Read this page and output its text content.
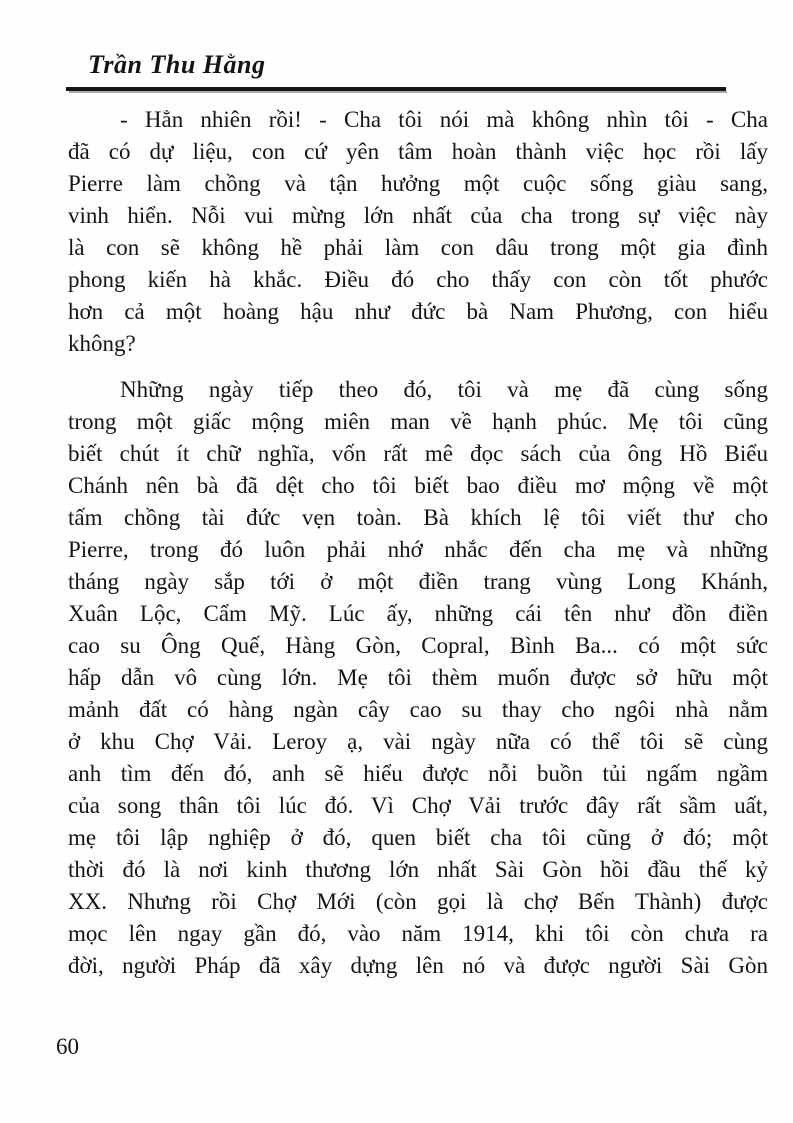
Trần Thu Hằng
- Hẳn nhiên rồi! - Cha tôi nói mà không nhìn tôi - Cha
đã có dự liệu, con cứ yên tâm hoàn thành việc học rồi lấy
Pierre làm chồng và tận hưởng một cuộc sống giàu sang,
vinh hiển. Nỗi vui mừng lớn nhất của cha trong sự việc này
là con sẽ không hề phải làm con dâu trong một gia đình
phong kiến hà khắc. Điều đó cho thấy con còn tốt phước
hơn cả một hoàng hậu như đức bà Nam Phương, con hiểu
không?
Những ngày tiếp theo đó, tôi và mẹ đã cùng sống
trong một giấc mộng miên man về hạnh phúc. Mẹ tôi cũng
biết chút ít chữ nghĩa, vốn rất mê đọc sách của ông Hồ Biểu
Chánh nên bà đã dệt cho tôi biết bao điều mơ mộng về một
tấm chồng tài đức vẹn toàn. Bà khích lệ tôi viết thư cho
Pierre, trong đó luôn phải nhớ nhắc đến cha mẹ và những
tháng ngày sắp tới ở một điền trang vùng Long Khánh,
Xuân Lộc, Cẩm Mỹ. Lúc ấy, những cái tên như đồn điền
cao su Ông Quế, Hàng Gòn, Copral, Bình Ba... có một sức
hấp dẫn vô cùng lớn. Mẹ tôi thèm muốn được sở hữu một
mảnh đất có hàng ngàn cây cao su thay cho ngôi nhà nằm
ở khu Chợ Vải. Leroy ạ, vài ngày nữa có thể tôi sẽ cùng
anh tìm đến đó, anh sẽ hiểu được nỗi buồn tủi ngấm ngầm
của song thân tôi lúc đó. Vì Chợ Vải trước đây rất sầm uất,
mẹ tôi lập nghiệp ở đó, quen biết cha tôi cũng ở đó; một
thời đó là nơi kinh thương lớn nhất Sài Gòn hồi đầu thế kỷ
XX. Nhưng rồi Chợ Mới (còn gọi là chợ Bến Thành) được
mọc lên ngay gần đó, vào năm 1914, khi tôi còn chưa ra
đời, người Pháp đã xây dựng lên nó và được người Sài Gòn
60
